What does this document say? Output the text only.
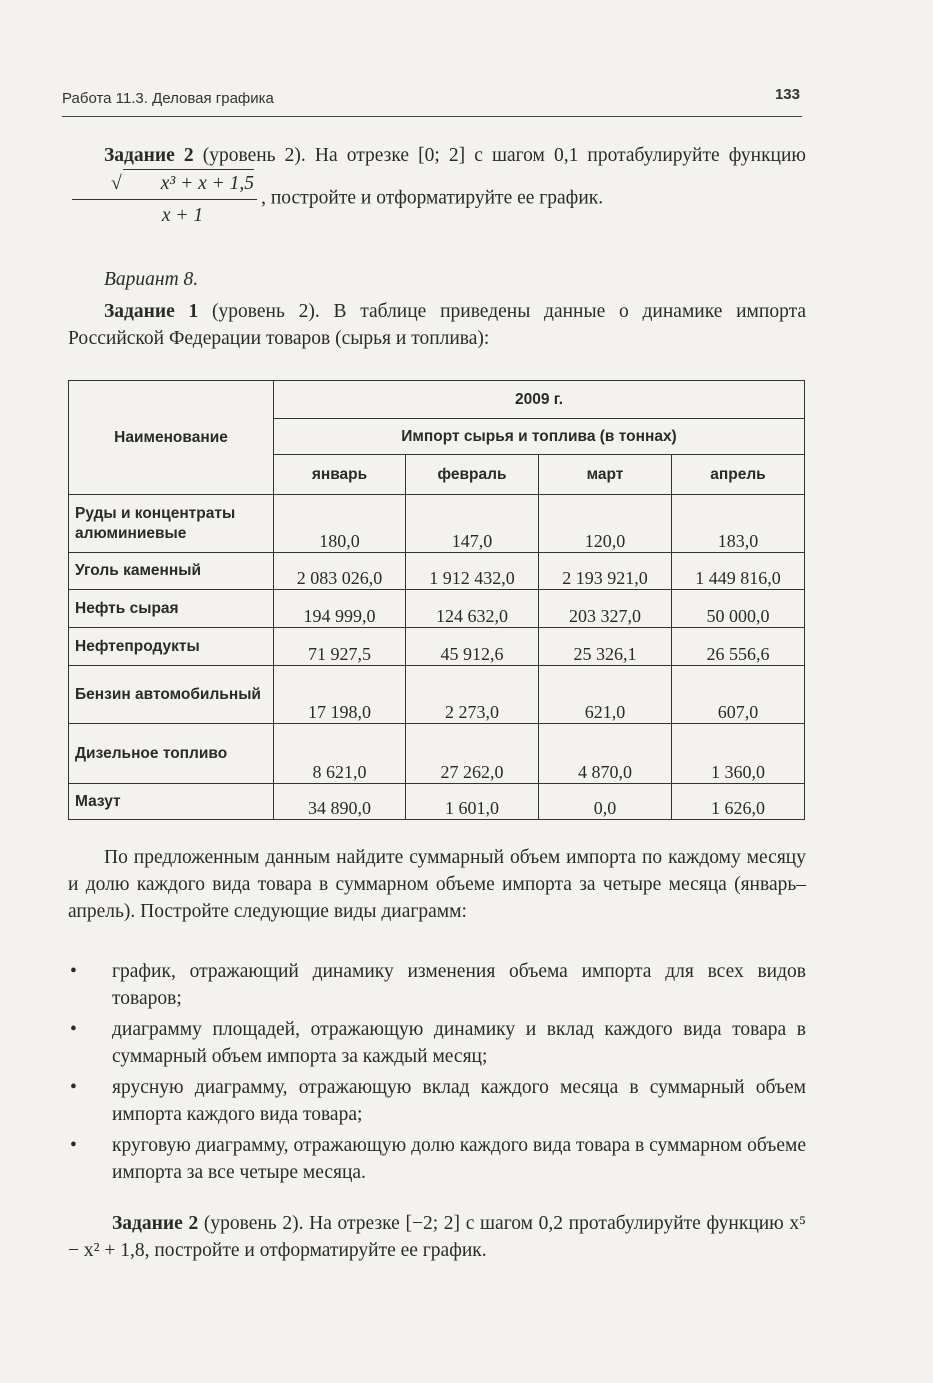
Работа 11.3. Деловая графика	133
Задание 2 (уровень 2). На отрезке [0; 2] с шагом 0,1 протабулируйте функцию
$\frac{\text{√ x³ + x + 1,5}}{x + 1}$ , постройте и отформатируйте ее график.
Вариант 8.
Задание 1 (уровень 2). В таблице приведены данные о динамике импорта Российской Федерации товаров (сырья и топлива):
Наименование	2009 г.			
	Импорт сырья и топлива (в тоннах)			
	январь	февраль	март	апрель
Руды и концентраты алюминиевые	180,0	147,0	120,0	183,0
Уголь каменный	2 083 026,0	1 912 432,0	2 193 921,0	1 449 816,0
Нефть сырая	194 999,0	124 632,0	203 327,0	50 000,0
Нефтепродукты	71 927,5	45 912,6	25 326,1	26 556,6
Бензин автомобильный	17 198,0	2 273,0	621,0	607,0
Дизельное топливо	8 621,0	27 262,0	4 870,0	1 360,0
Мазут	34 890,0	1 601,0	0,0	1 626,0
По предложенным данным найдите суммарный объем импорта по каждому месяцу и долю каждого вида товара в суммарном объеме импорта за четыре месяца (январь–апрель). Постройте следующие виды диаграмм:
• график, отражающий динамику изменения объема импорта для всех видов товаров;
• диаграмму площадей, отражающую динамику и вклад каждого вида товара в суммарный объем импорта за каждый месяц;
• ярусную диаграмму, отражающую вклад каждого месяца в суммарный объем импорта каждого вида товара;
• круговую диаграмму, отражающую долю каждого вида товара в суммарном объеме импорта за все четыре месяца.
Задание 2 (уровень 2). На отрезке [−2; 2] с шагом 0,2 протабулируйте функцию x⁵ − x² + 1,8, постройте и отформатируйте ее график.
